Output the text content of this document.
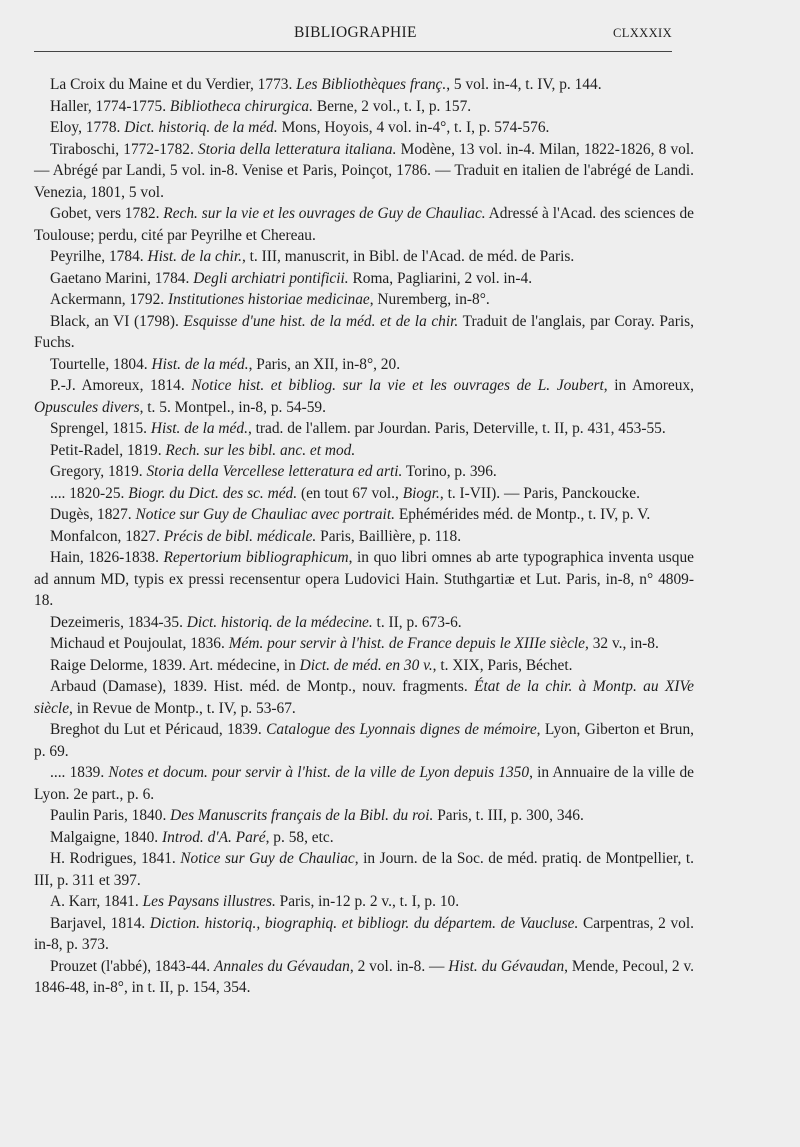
BIBLIOGRAPHIE	CLXXXIX

La Croix du Maine et du Verdier, 1773. Les Bibliothèques franç., 5 vol. in-4, t. IV, p. 144.

Haller, 1774-1775. Bibliotheca chirurgica. Berne, 2 vol., t. I, p. 157.

Eloy, 1778. Dict. historiq. de la méd. Mons, Hoyois, 4 vol. in-4°, t. I, p. 574-576.

Tiraboschi, 1772-1782. Storia della letteratura italiana. Modène, 13 vol. in-4. Milan, 1822-1826, 8 vol. — Abrégé par Landi, 5 vol. in-8. Venise et Paris, Poinçot, 1786. — Traduit en italien de l'abrégé de Landi. Venezia, 1801, 5 vol.

Gobet, vers 1782. Rech. sur la vie et les ouvrages de Guy de Chauliac. Adressé à l'Acad. des sciences de Toulouse; perdu, cité par Peyrilhe et Chereau.

Peyrilhe, 1784. Hist. de la chir., t. III, manuscrit, in Bibl. de l'Acad. de méd. de Paris.

Gaetano Marini, 1784. Degli archiatri pontificii. Roma, Pagliarini, 2 vol. in-4.

Ackermann, 1792. Institutiones historiae medicinae, Nuremberg, in-8°.

Black, an VI (1798). Esquisse d'une hist. de la méd. et de la chir. Traduit de l'anglais, par Coray. Paris, Fuchs.

Tourtelle, 1804. Hist. de la méd., Paris, an XII, in-8°, 20.

P.-J. Amoreux, 1814. Notice hist. et bibliog. sur la vie et les ouvrages de L. Joubert, in Amoreux, Opuscules divers, t. 5. Montpel., in-8, p. 54-59.

Sprengel, 1815. Hist. de la méd., trad. de l'allem. par Jourdan. Paris, Deterville, t. II, p. 431, 453-55.

Petit-Radel, 1819. Rech. sur les bibl. anc. et mod.

Gregory, 1819. Storia della Vercellese letteratura ed arti. Torino, p. 396.

.... 1820-25. Biogr. du Dict. des sc. méd. (en tout 67 vol., Biogr., t. I-VII). — Paris, Panckoucke.

Dugès, 1827. Notice sur Guy de Chauliac avec portrait. Ephémérides méd. de Montp., t. IV, p. V.

Monfalcon, 1827. Précis de bibl. médicale. Paris, Baillière, p. 118.

Hain, 1826-1838. Repertorium bibliographicum, in quo libri omnes ab arte typographica inventa usque ad annum MD, typis ex pressi recensentur opera Ludovici Hain. Stuthgartiæ et Lut. Paris, in-8, n° 4809-18.

Dezeimeris, 1834-35. Dict. historiq. de la médecine. t. II, p. 673-6.

Michaud et Poujoulat, 1836. Mém. pour servir à l'hist. de France depuis le XIIIe siècle, 32 v., in-8.

Raige Delorme, 1839. Art. médecine, in Dict. de méd. en 30 v., t. XIX, Paris, Béchet.

Arbaud (Damase), 1839. Hist. méd. de Montp., nouv. fragments. État de la chir. à Montp. au XIVe siècle, in Revue de Montp., t. IV, p. 53-67.

Breghot du Lut et Péricaud, 1839. Catalogue des Lyonnais dignes de mémoire, Lyon, Giberton et Brun, p. 69.

.... 1839. Notes et docum. pour servir à l'hist. de la ville de Lyon depuis 1350, in Annuaire de la ville de Lyon. 2e part., p. 6.

Paulin Paris, 1840. Des Manuscrits français de la Bibl. du roi. Paris, t. III, p. 300, 346.

Malgaigne, 1840. Introd. d'A. Paré, p. 58, etc.

H. Rodrigues, 1841. Notice sur Guy de Chauliac, in Journ. de la Soc. de méd. pratiq. de Montpellier, t. III, p. 311 et 397.

A. Karr, 1841. Les Paysans illustres. Paris, in-12 p. 2 v., t. I, p. 10.

Barjavel, 1814. Diction. historiq., biographiq. et bibliogr. du départem. de Vaucluse. Carpentras, 2 vol. in-8, p. 373.

Prouzet (l'abbé), 1843-44. Annales du Gévaudan, 2 vol. in-8. — Hist. du Gévaudan, Mende, Pecoul, 2 v. 1846-48, in-8°, in t. II, p. 154, 354.
